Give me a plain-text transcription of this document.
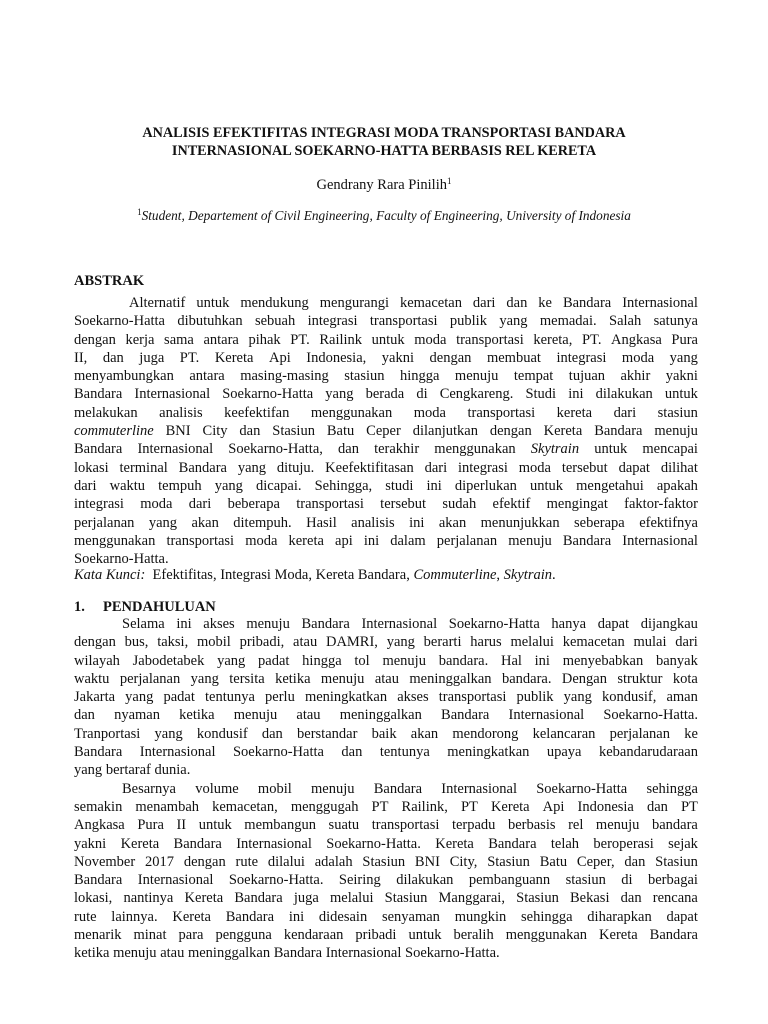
ANALISIS EFEKTIFITAS INTEGRASI MODA TRANSPORTASI BANDARA
INTERNASIONAL SOEKARNO-HATTA BERBASIS REL KERETA
Gendrany Rara Pinilih$^1$
$^1$Student, Departement of Civil Engineering, Faculty of Engineering, University of Indonesia
ABSTRAK
Alternatif untuk mendukung mengurangi kemacetan dari dan ke Bandara Internasional
Soekarno-Hatta dibutuhkan sebuah integrasi transportasi publik yang memadai. Salah satunya
dengan kerja sama antara pihak PT. Railink untuk moda transportasi kereta, PT. Angkasa Pura
II, dan juga PT. Kereta Api Indonesia, yakni dengan membuat integrasi moda yang
menyambungkan antara masing-masing stasiun hingga menuju tempat tujuan akhir yakni
Bandara Internasional Soekarno-Hatta yang berada di Cengkareng. Studi ini dilakukan untuk
melakukan analisis keefektifan menggunakan moda transportasi kereta dari stasiun
commuterline BNI City dan Stasiun Batu Ceper dilanjutkan dengan Kereta Bandara menuju
Bandara Internasional Soekarno-Hatta, dan terakhir menggunakan Skytrain untuk mencapai
lokasi terminal Bandara yang dituju. Keefektifitasan dari integrasi moda tersebut dapat dilihat
dari waktu tempuh yang dicapai. Sehingga, studi ini diperlukan untuk mengetahui apakah
integrasi moda dari beberapa transportasi tersebut sudah efektif mengingat faktor-faktor
perjalanan yang akan ditempuh. Hasil analisis ini akan menunjukkan seberapa efektifnya
menggunakan transportasi moda kereta api ini dalam perjalanan menuju Bandara Internasional
Soekarno-Hatta.
Kata Kunci: Efektifitas, Integrasi Moda, Kereta Bandara, Commuterline, Skytrain.
1. PENDAHULUAN
Selama ini akses menuju Bandara Internasional Soekarno-Hatta hanya dapat dijangkau
dengan bus, taksi, mobil pribadi, atau DAMRI, yang berarti harus melalui kemacetan mulai dari
wilayah Jabodetabek yang padat hingga tol menuju bandara. Hal ini menyebabkan banyak
waktu perjalanan yang tersita ketika menuju atau meninggalkan bandara. Dengan struktur kota
Jakarta yang padat tentunya perlu meningkatkan akses transportasi publik yang kondusif, aman
dan nyaman ketika menuju atau meninggalkan Bandara Internasional Soekarno-Hatta.
Tranportasi yang kondusif dan berstandar baik akan mendorong kelancaran perjalanan ke
Bandara Internasional Soekarno-Hatta dan tentunya meningkatkan upaya kebandarudaraan
yang bertaraf dunia.
Besarnya volume mobil menuju Bandara Internasional Soekarno-Hatta sehingga
semakin menambah kemacetan, menggugah PT Railink, PT Kereta Api Indonesia dan PT
Angkasa Pura II untuk membangun suatu transportasi terpadu berbasis rel menuju bandara
yakni Kereta Bandara Internasional Soekarno-Hatta. Kereta Bandara telah beroperasi sejak
November 2017 dengan rute dilalui adalah Stasiun BNI City, Stasiun Batu Ceper, dan Stasiun
Bandara Internasional Soekarno-Hatta. Seiring dilakukan pembanguann stasiun di berbagai
lokasi, nantinya Kereta Bandara juga melalui Stasiun Manggarai, Stasiun Bekasi dan rencana
rute lainnya. Kereta Bandara ini didesain senyaman mungkin sehingga diharapkan dapat
menarik minat para pengguna kendaraan pribadi untuk beralih menggunakan Kereta Bandara
ketika menuju atau meninggalkan Bandara Internasional Soekarno-Hatta.
